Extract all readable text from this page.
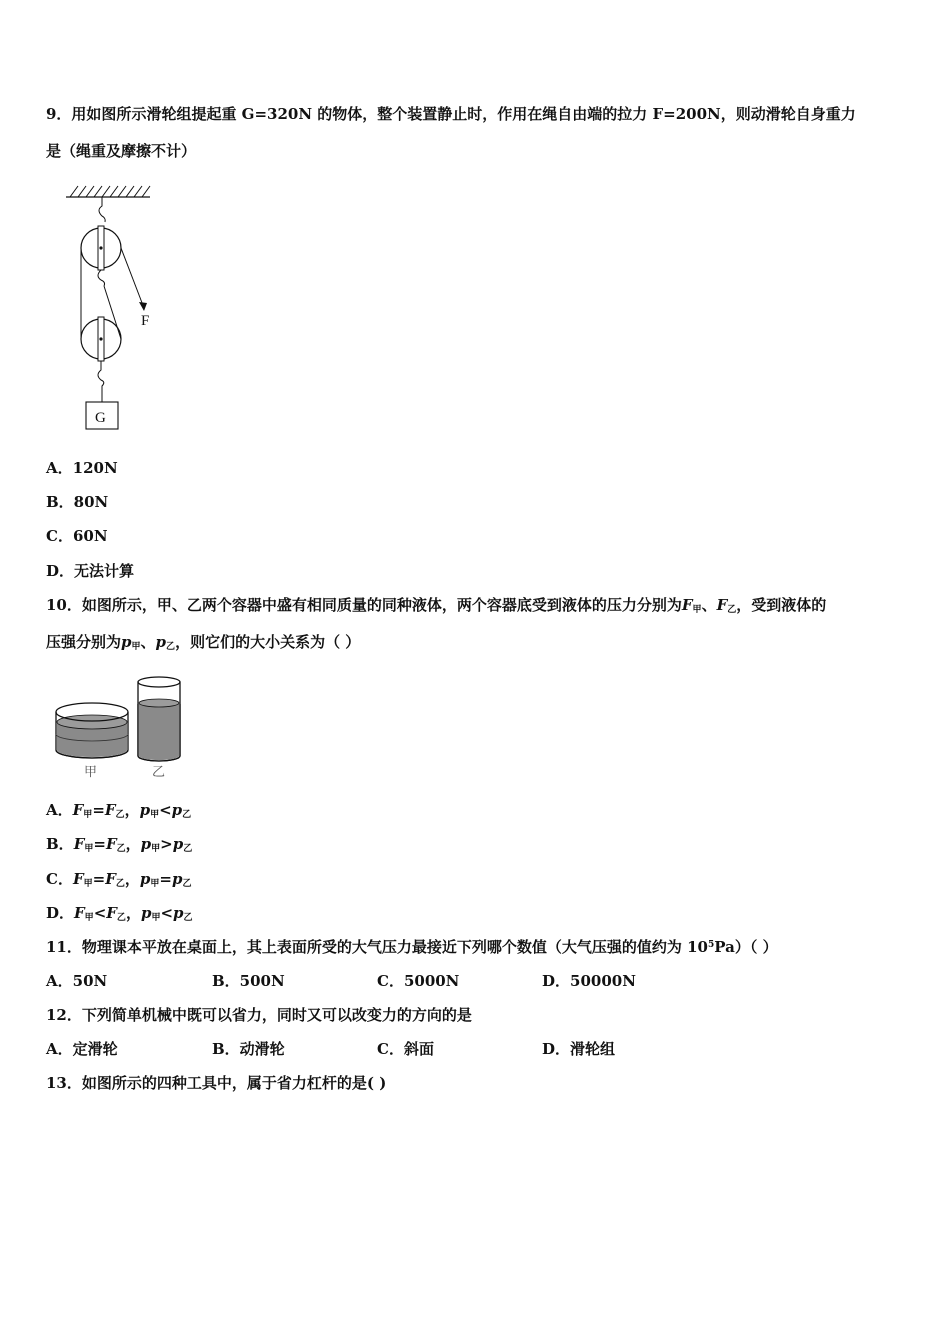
9．用如图所示滑轮组提起重 G=320N 的物体，整个装置静止时，作用在绳自由端的拉力 F=200N，则动滑轮自身重力
是（绳重及摩擦不计）
F
G
A．120N
B．80N
C．60N
D．无法计算
10．如图所示，甲、乙两个容器中盛有相同质量的同种液体，两个容器底受到液体的压力分别为$F_甲$、$F_乙$，受到液体的
压强分别为$p_甲$、$p_乙$，则它们的大小关系为（ ）
甲	乙
A．$F_甲=F_乙$，$p_甲<p_乙$
B．$F_甲=F_乙$，$p_甲>p_乙$
C．$F_甲=F_乙$，$p_甲=p_乙$
D．$F_甲<F_乙$，$p_甲<p_乙$
11．物理课本平放在桌面上，其上表面所受的大气压力最接近下列哪个数值（大气压强的值约为 $10^5Pa$）（ ）
A．50N	B．500N	C．5000N	D．50000N
12．下列简单机械中既可以省力，同时又可以改变力的方向的是
A．定滑轮	B．动滑轮	C．斜面	D．滑轮组
13．如图所示的四种工具中，属于省力杠杆的是( )
